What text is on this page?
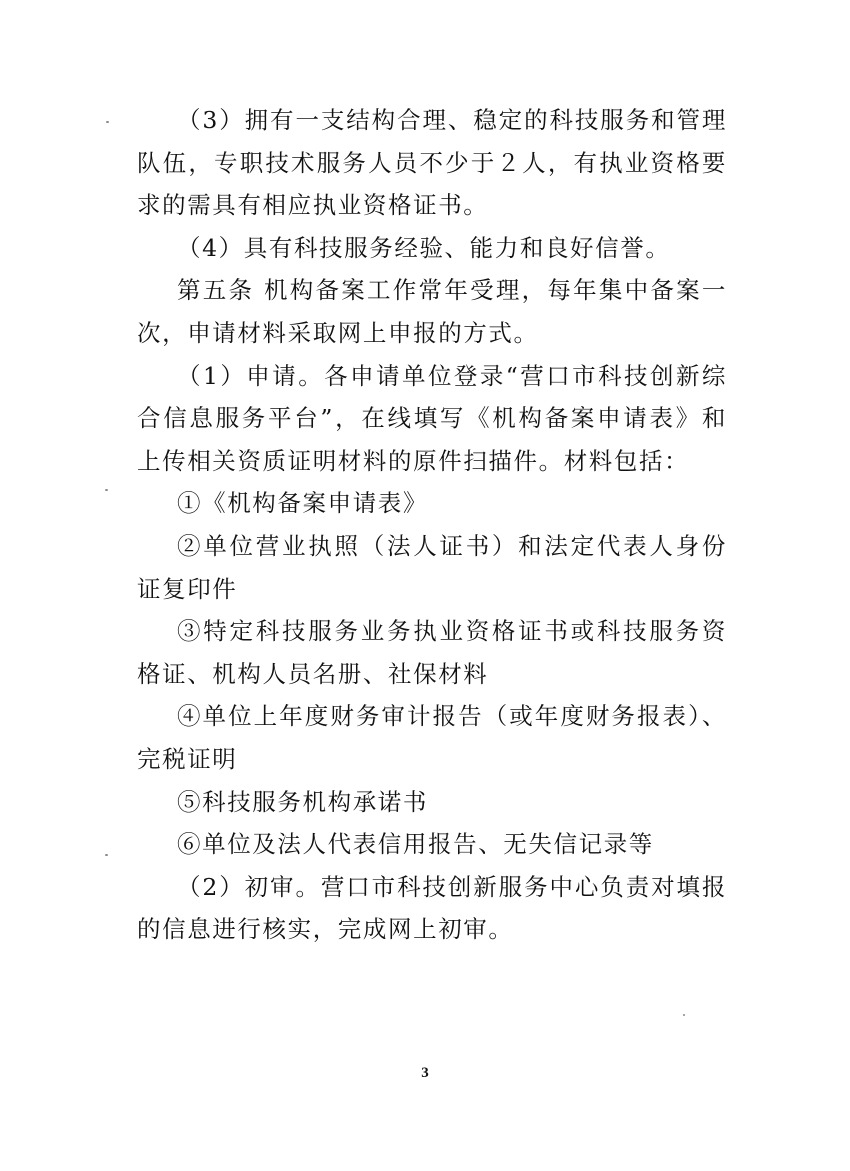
（3）拥有一支结构合理、稳定的科技服务和管理队伍，专职技术服务人员不少于２人，有执业资格要求的需具有相应执业资格证书。

（4）具有科技服务经验、能力和良好信誉。

第五条 机构备案工作常年受理，每年集中备案一次，申请材料采取网上申报的方式。

（1）申请。各申请单位登录“营口市科技创新综合信息服务平台”，在线填写《机构备案申请表》和上传相关资质证明材料的原件扫描件。材料包括：

①《机构备案申请表》

②单位营业执照（法人证书）和法定代表人身份证复印件

③特定科技服务业务执业资格证书或科技服务资格证、机构人员名册、社保材料

④单位上年度财务审计报告（或年度财务报表）、完税证明

⑤科技服务机构承诺书

⑥单位及法人代表信用报告、无失信记录等

（2）初审。营口市科技创新服务中心负责对填报的信息进行核实，完成网上初审。

3
